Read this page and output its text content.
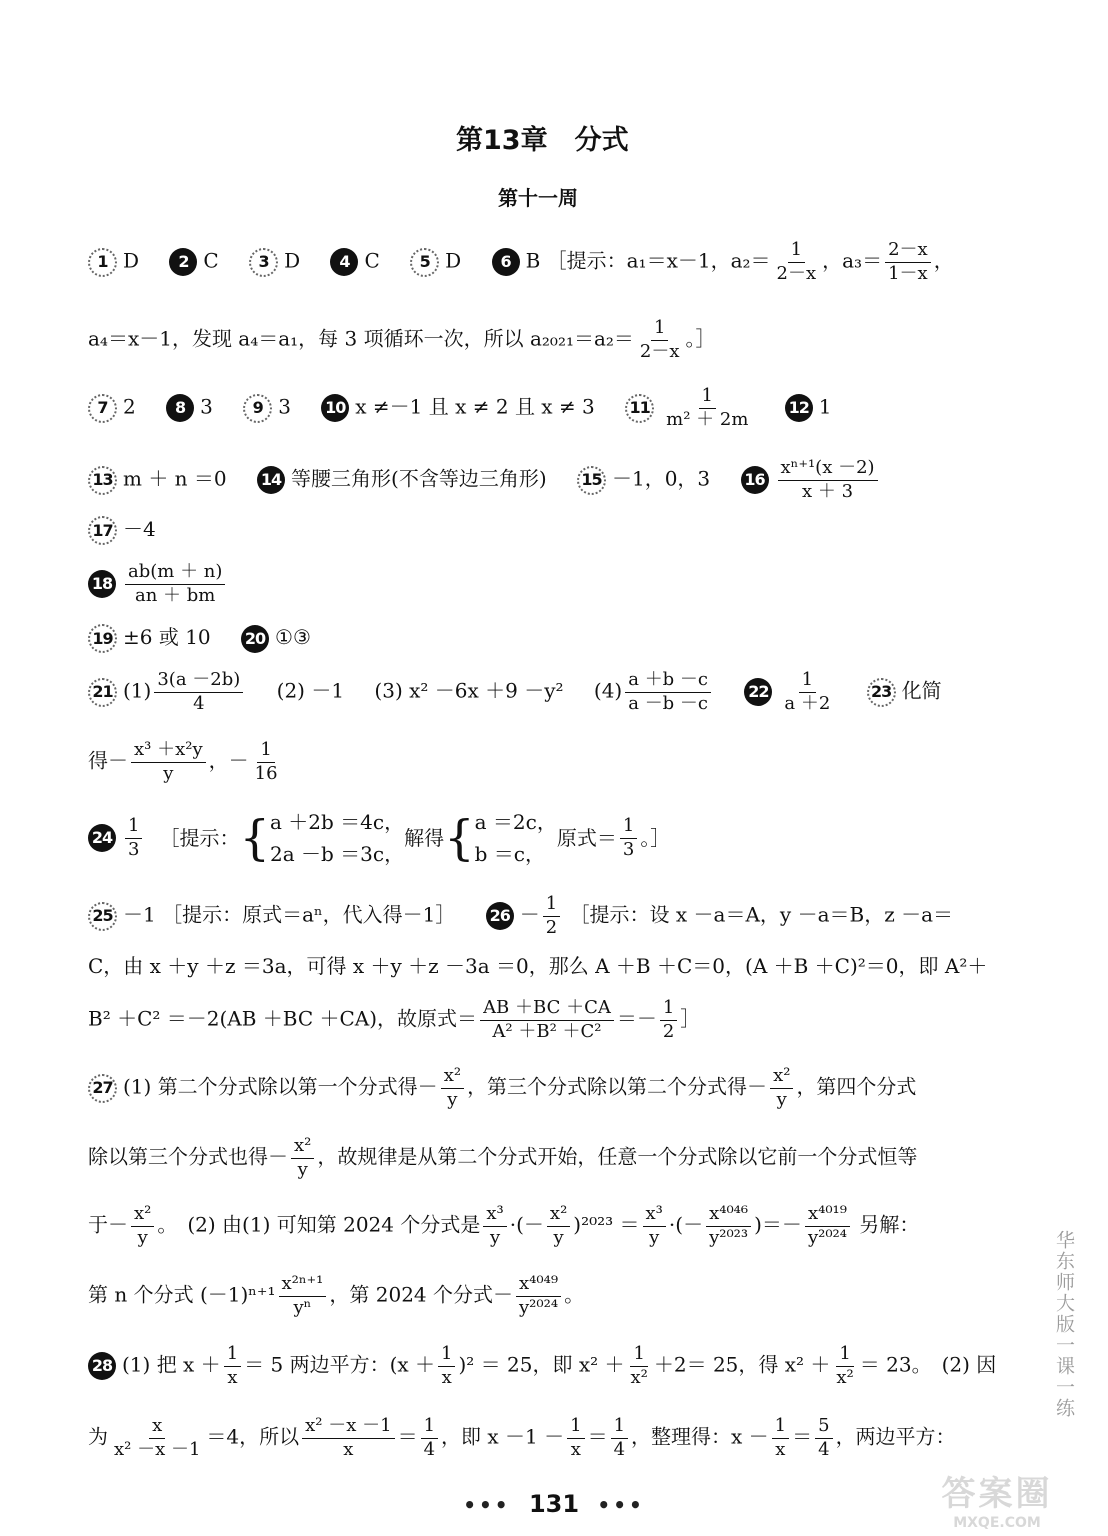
第13章　分式
第十一周
1 D 2 C 3 D 4 C 5 D 6 B ［提示：a₁＝x－1，$a_2= \frac{1}{2-x}$ ，$a_3= \frac{2-x}{1-x}$ ，
a₄＝x－1，发现 a₄＝a₁，每 3 项循环一次，所以 $a_{2021}=a_2= \frac{1}{2-x}$ 。］
7 2 8 3 9 3 10 x ≠－1 且 x ≠ 2 且 x ≠ 3 $11 \frac{1}{\text{m² ＋ 2m}} 12$ 1
13 m ＋ n ＝0 14 等腰三角形(不含等边三角形) 15 －1，0，3 $16 \frac{\text{xⁿ⁺¹(x －2)}}{x + 3}$
17 －4
$18 \frac{ab(m + n)}{an + bm}$
19 ±6 或 10 20 ①③
21 $(1) \frac{3(a -2b)}{4} (2) -1$ (3) x² －6x ＋9 －y² $(4) \frac{a +b -c}{a -b -c} 22 \frac{1}{a +2} 23$ 化简
得－ $\frac{\text{x³ ＋x²y}}{y}$ ，－ $\frac{1}{16}$
$24 \frac{1}{3}$ ［提示： { a ＋2b ＝4c，
2a －b ＝3c，
解得 { a ＝2c，
b ＝c，
原式＝ $\frac{1}{3}$ 。］
25 －1 ［提示：原式＝aⁿ，代入得－1］ $26 - \frac{1}{2}$ ［提示：设 x －a＝A，y －a＝B，z －a＝
C，由 x ＋y ＋z ＝3a，可得 x ＋y ＋z －3a ＝0，那么 A ＋B ＋C＝0，(A ＋B ＋C)²＝0，即 A²＋
B² ＋C² ＝－2(AB ＋BC ＋CA)，故原式＝ $\frac{AB +BC +CA}{\text{A² ＋B² ＋C²}} =- \frac{1}{2}$ ］
27 (1) 第二个分式除以第一个分式得－ $\frac{\text{x²}}{y}$ ，第三个分式除以第二个分式得－ $\frac{\text{x²}}{y}$ ，第四个分式
除以第三个分式也得－ $\frac{\text{x²}}{y}$ ，故规律是从第二个分式开始，任意一个分式除以它前一个分式恒等
于－ $\frac{\text{x²}}{y}$ 。　(2) 由(1) 可知第 2024 个分式是 $\frac{\text{x³}}{y}$ ·(－ $\frac{\text{x²}}{y} )^{2023} = \frac{\text{x³}}{y}$ ·(－ $\frac{\text{x⁴⁰⁴⁶}}{\text{y²⁰²³}}$ )＝－ $\frac{\text{x⁴⁰¹⁹}}{\text{y²⁰²⁴}}$ 另解：
第 n 个分式 $(-1)^{n+1} \frac{\text{x²ⁿ⁺¹}}{\text{yⁿ}}$ ，第 2024 个分式－ $\frac{\text{x⁴⁰⁴⁹}}{\text{y²⁰²⁴}}$ 。
28 (1) 把 $x + \frac{1}{x} = 5$ 两边平方：$(x + \frac{1}{x} )^2 = 25$，即 $x^2 + \frac{1}{\text{x²}} +2= 25$，得 $x^2 + \frac{1}{\text{x²}} = 23$。　(2) 因
为 $\frac{x}{\text{x² －x －1}} =4$，所以 $\frac{\text{x² －x －1}}{x} = \frac{1}{4}$ ，即 $x -1 - \frac{1}{x} = \frac{1}{4}$ ，整理得：$x - \frac{1}{x} = \frac{5}{4}$ ，两边平方：
华东师大版一课一练
••• 131 •••	答案圈
MXQE.COM
